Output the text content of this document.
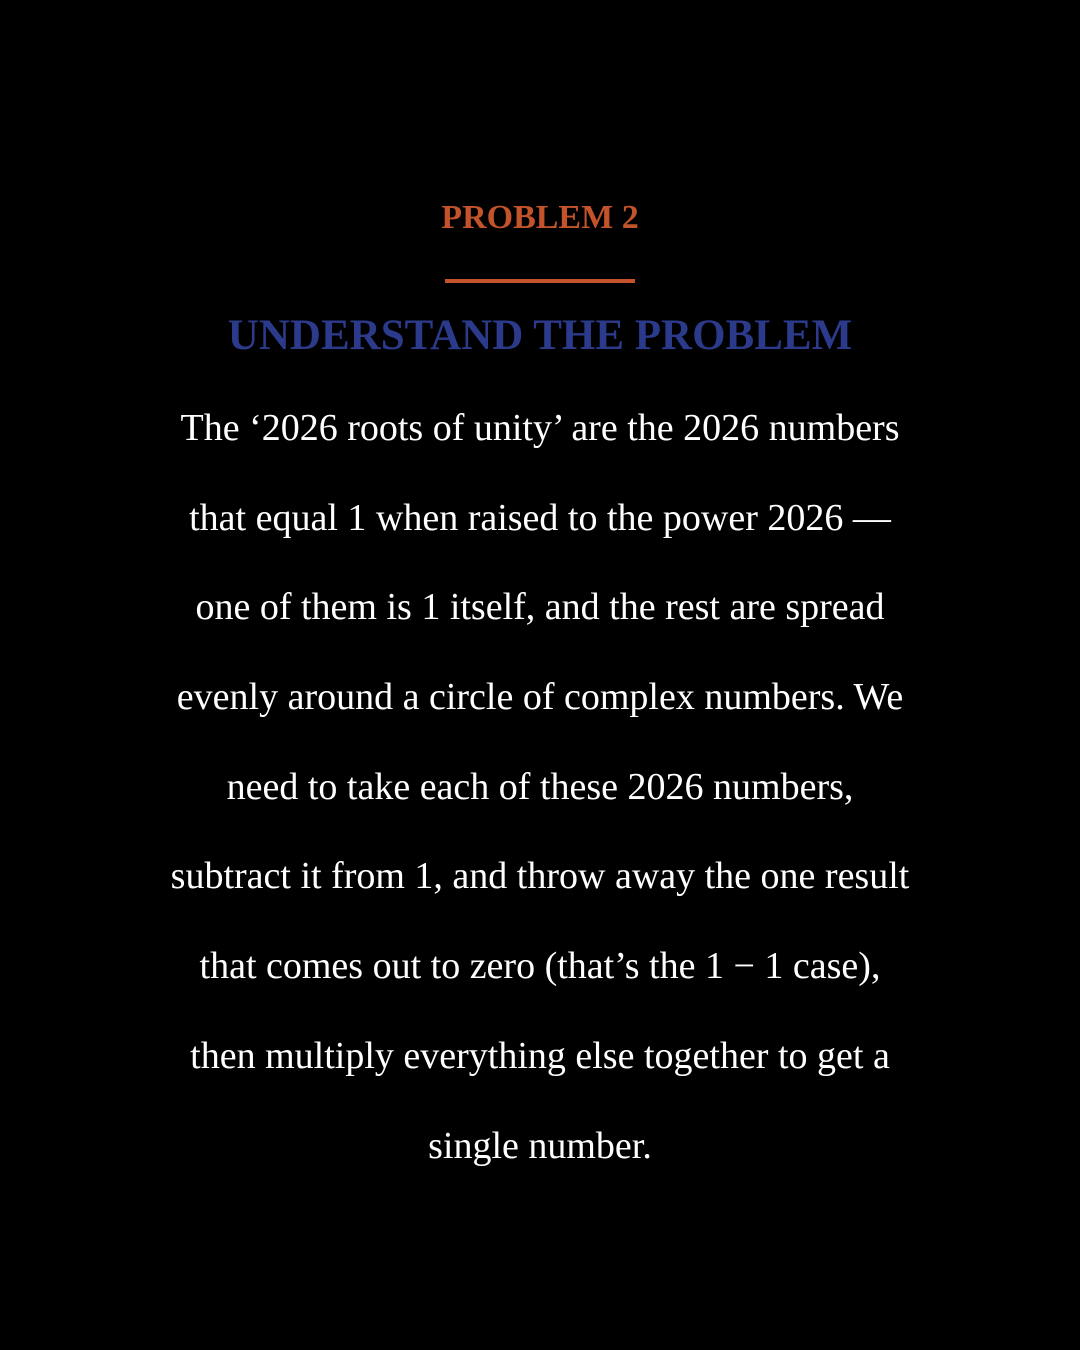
PROBLEM 2
UNDERSTAND THE PROBLEM
The ‘2026 roots of unity’ are the 2026 numbers
that equal 1 when raised to the power 2026 —
one of them is 1 itself, and the rest are spread
evenly around a circle of complex numbers. We
need to take each of these 2026 numbers,
subtract it from 1, and throw away the one result
that comes out to zero (that’s the 1 − 1 case),
then multiply everything else together to get a
single number.
